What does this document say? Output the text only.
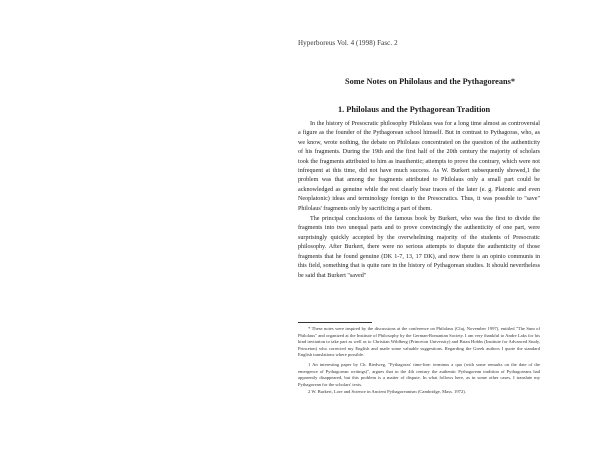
Hyperboreus Vol. 4 (1998) Fasc. 2
Some Notes on Philolaus and the Pythagoreans*
1. Philolaus and the Pythagorean Tradition

In the history of Presocratic philosophy Philolaus was for a long time almost as controversial a figure as the founder of the Pythagorean school himself. But in contrast to Pythagoras, who, as we know, wrote nothing, the debate on Philolaus concentrated on the question of the authenticity of his fragments. During the 19th and the first half of the 20th century the majority of scholars took the fragments attributed to him as inauthentic; attempts to prove the contrary, which were not infrequent at this time, did not have much success. As W. Burkert subsequently showed,1 the problem was that among the fragments attributed to Philolaus only a small part could be acknowledged as genuine while the rest clearly bear traces of the later (e. g. Platonic and even Neoplatonic) ideas and terminology foreign to the Presocratics. Thus, it was possible to "save" Philolaus' fragments only by sacrificing a part of them.

The principal conclusions of the famous book by Burkert, who was the first to divide the fragments into two unequal parts and to prove convincingly the authenticity of one part, were surprisingly quickly accepted by the overwhelming majority of the students of Presocratic philosophy. After Burkert, there were no serious attempts to dispute the authenticity of those fragments that he found genuine (DK 1-7, 13, 17 DK), and now there is an opinio communis in this field, something that is quite rare in the history of Pythagorean studies. It should nevertheless be said that Burkert "saved"

* These notes were inspired by the discussions at the conference on Philolaus (Cluj, November 1997), entitled "The Sum of Philolaus" and organized at the Institute of Philosophy by the German-Romanian Society. I am very thankful to Andre Laks for his kind invitation to take part as well as to Christian Wildberg (Princeton University) and Brian Hobbs (Institute for Advanced Study, Princeton) who corrected my English and made some valuable suggestions. Regarding the Greek authors I quote the standard English translations where possible.

1 An interesting paper by Ch. Riedweg, "Pythagoras' time-line: terminus a quo (with some remarks on the date of the emergence of Pythagorean writings)", argues that in the 4th century the authentic Pythagorean tradition of Pythagoreans had apparently disappeared, but this problem is a matter of dispute. In what follows here, as in some other cases, I translate my Pythagorean for the scholars' texts.

2 W. Burkert, Lore and Science in Ancient Pythagoreanism (Cambridge, Mass. 1972).
